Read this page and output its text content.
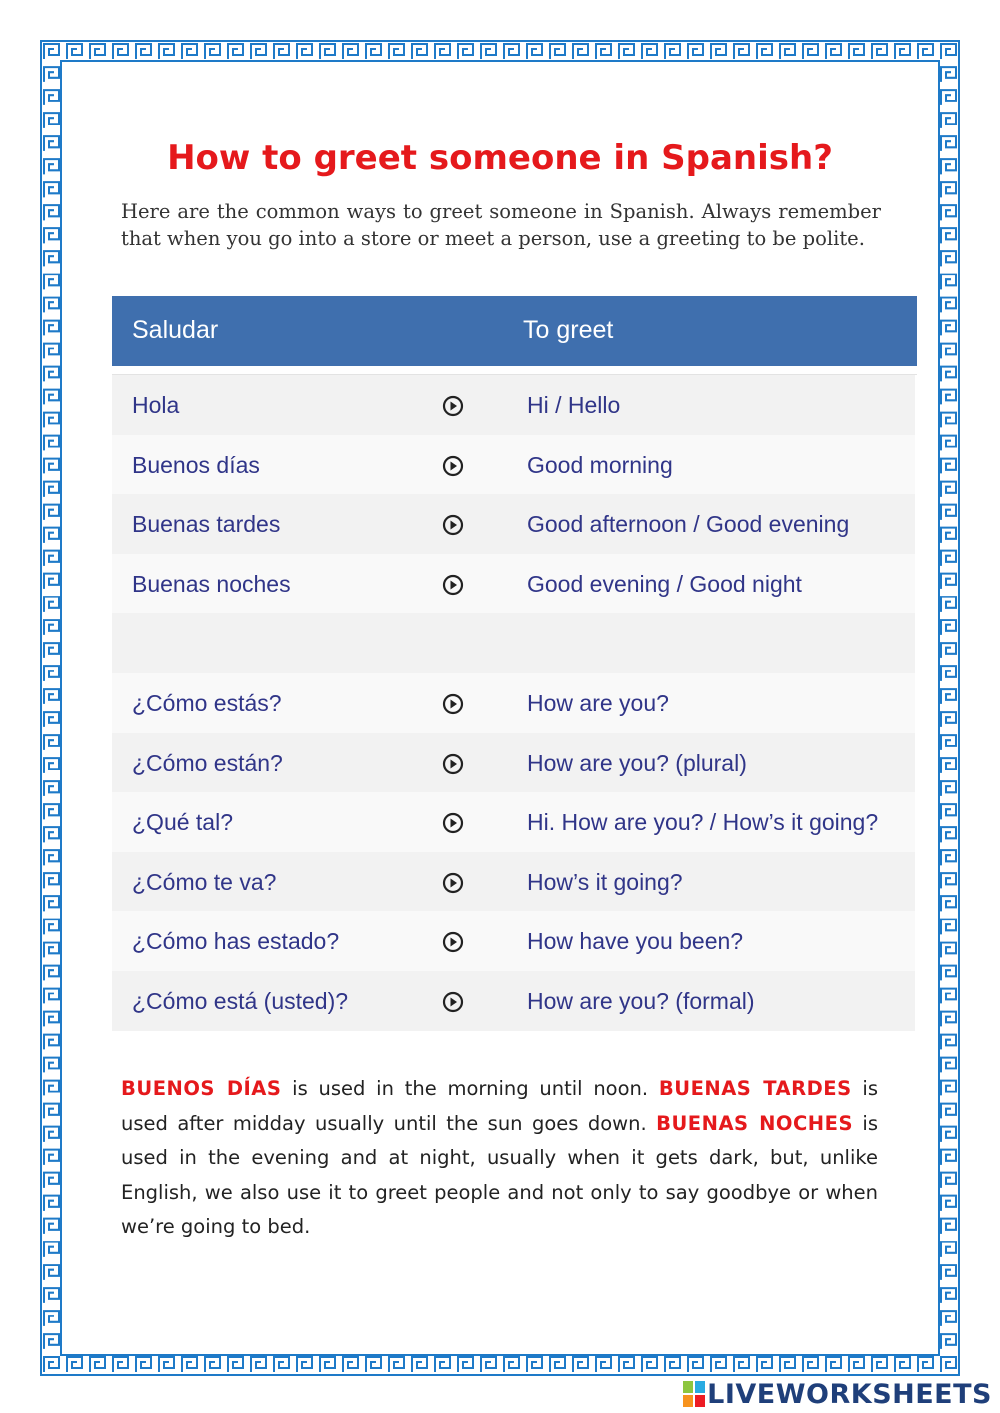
How to greet someone in Spanish?

Here are the common ways to greet someone in Spanish. Always remember that when you go into a store or meet a person, use a greeting to be polite.

Saludar	To greet
Hola	Hi / Hello
Buenos días	Good morning
Buenas tardes	Good afternoon / Good evening
Buenas noches	Good evening / Good night
¿Cómo estás?	How are you?
¿Cómo están?	How are you? (plural)
¿Qué tal?	Hi. How are you? / How’s it going?
¿Cómo te va?	How’s it going?
¿Cómo has estado?	How have you been?
¿Cómo está (usted)?	How are you? (formal)

BUENOS DÍAS is used in the morning until noon. BUENAS TARDES is used after midday usually until the sun goes down. BUENAS NOCHES is used in the evening and at night, usually when it gets dark, but, unlike English, we also use it to greet people and not only to say goodbye or when we’re going to bed.

LIVEWORKSHEETS
